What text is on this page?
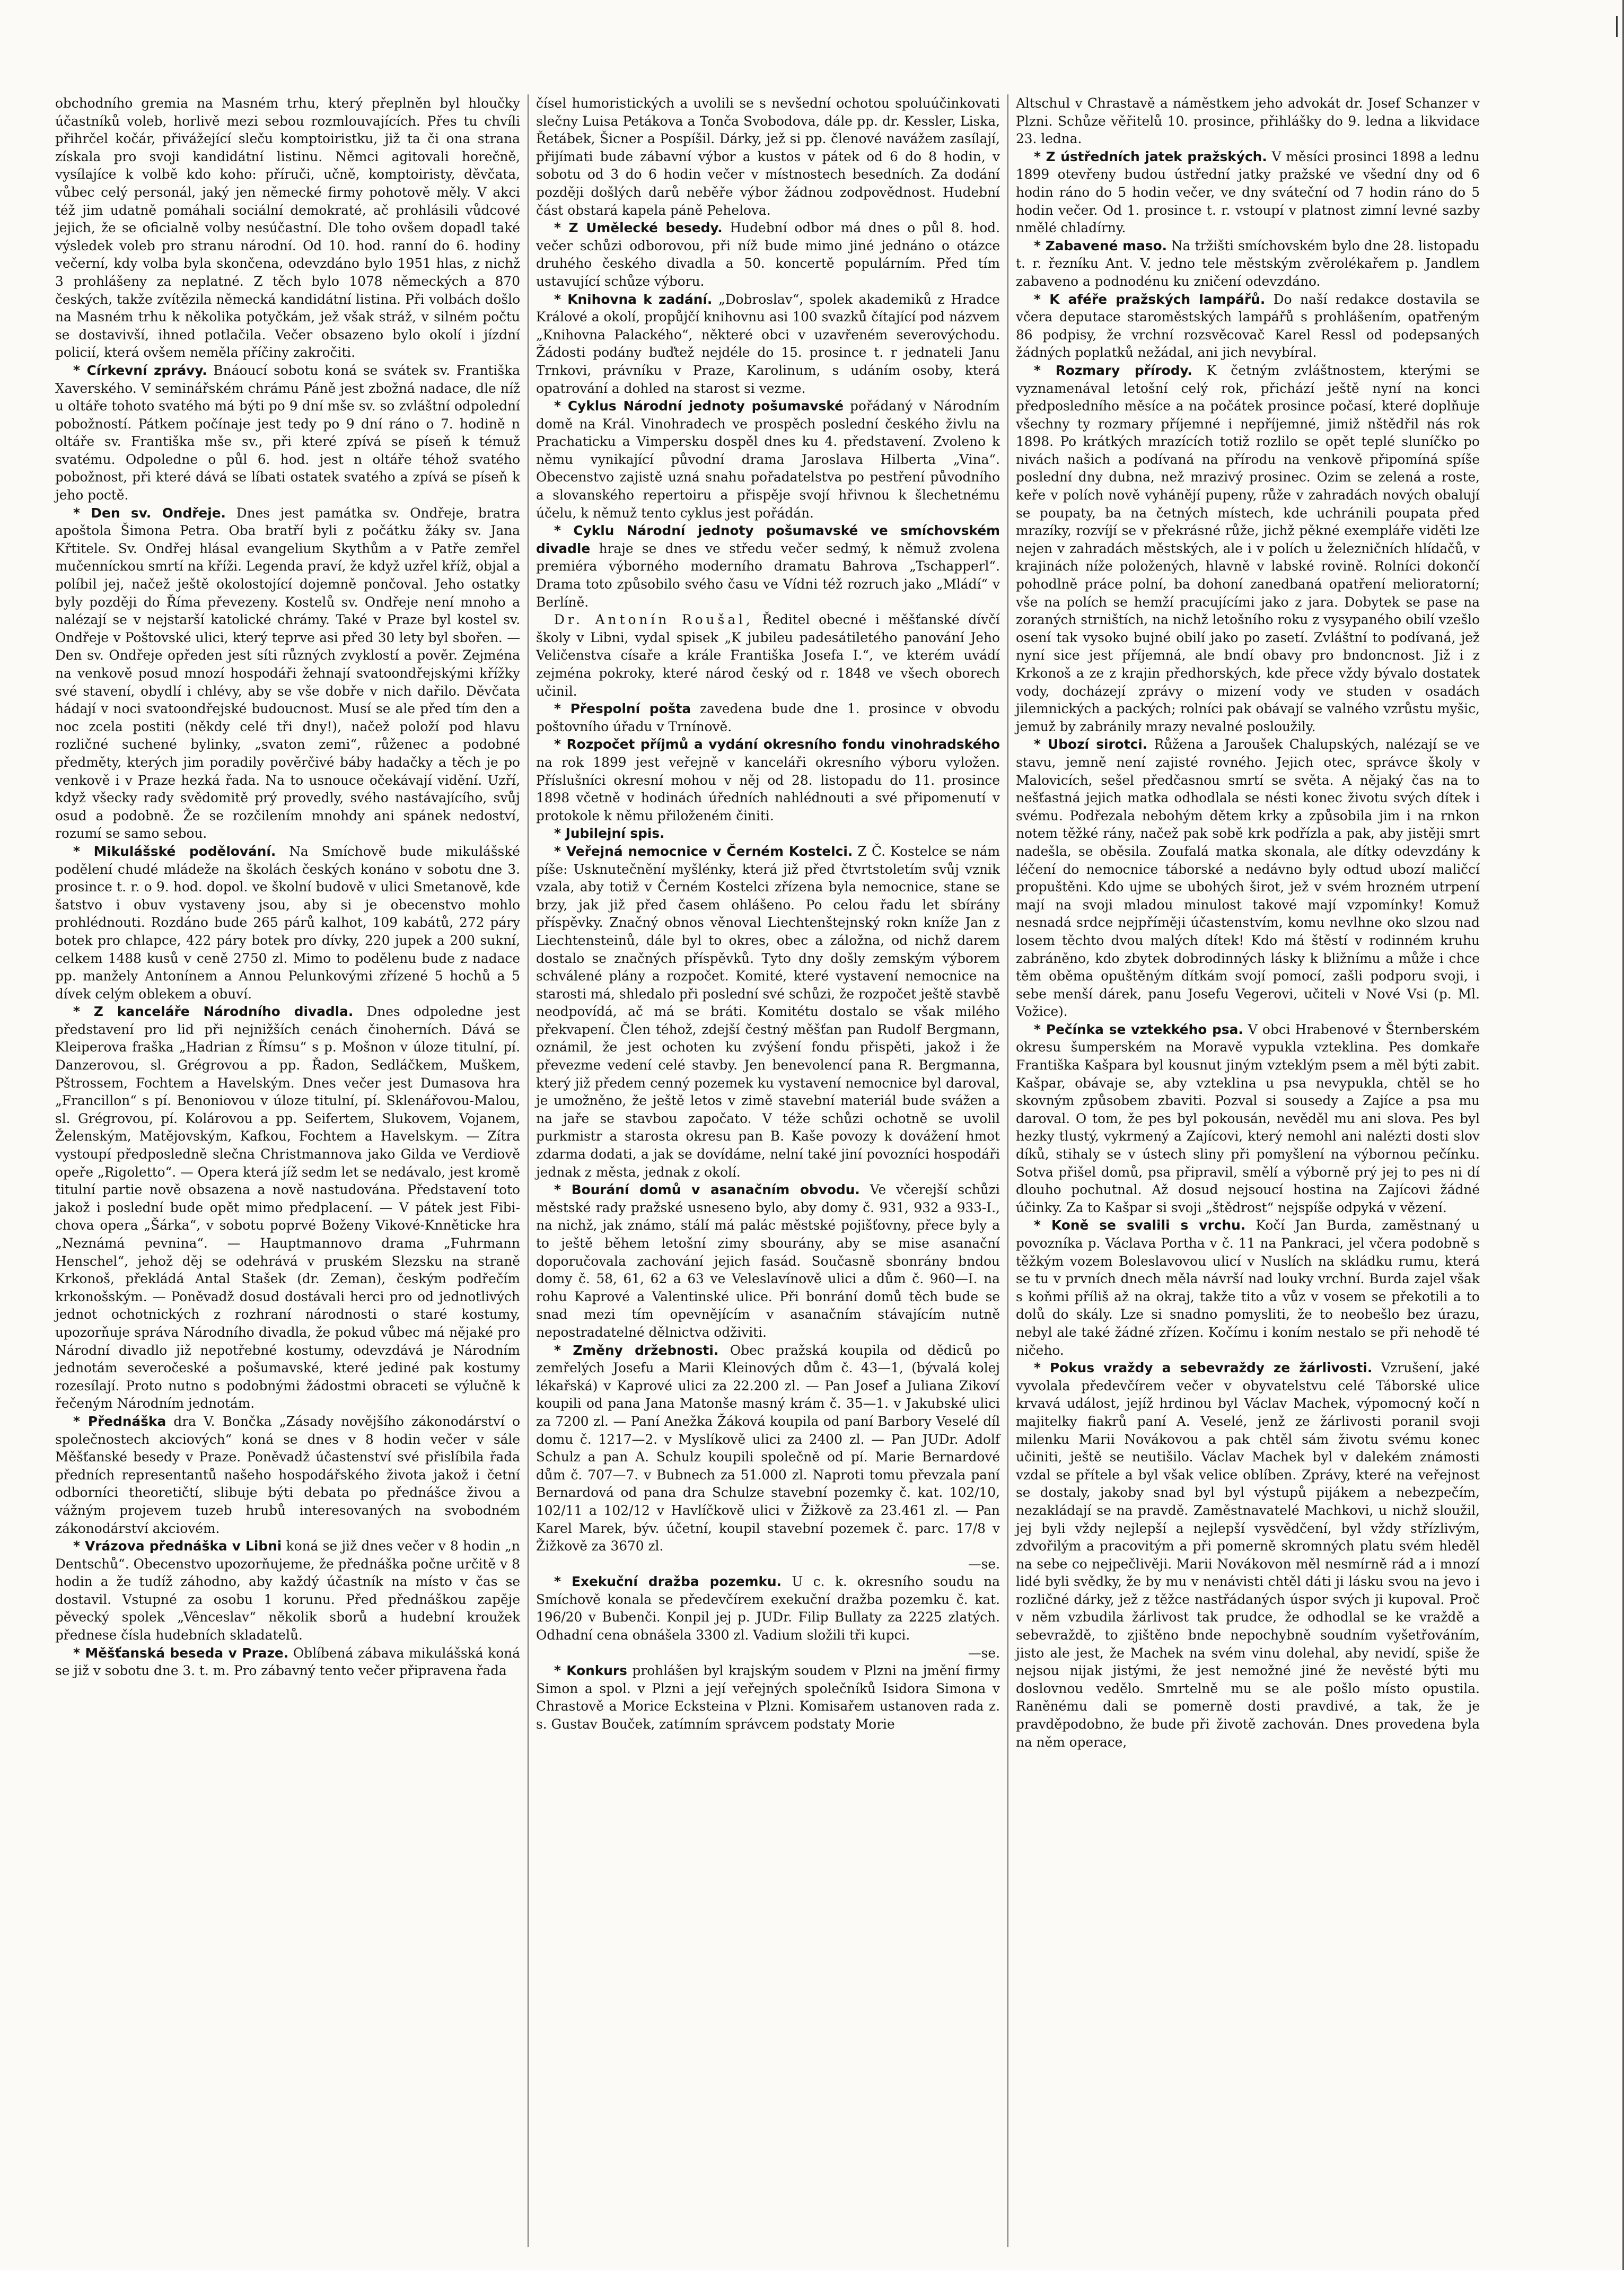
obchodního gremia na Masném trhu, který přeplněn byl hloučky účastníků voleb, horlivě mezi sebou rozmlouvajících. Přes tu chvíli přihrčel kočár, přivážející sleču komptoiristku, již ta či ona strana získala pro svoji kandidátní listinu. Němci agitovali horečně, vysílajíce k volbě kdo koho: příruči, učně, komptoiristy, děvčata, vůbec celý personál, jaký jen německé firmy pohotově měly. V akci též jim udatně pomáhali sociální demokraté, ač prohlásili vůdcové jejich, že se oficialně volby nesúčastní. Dle toho ovšem dopadl také výsledek voleb pro stranu národní. Od 10. hod. ranní do 6. hodiny večerní, kdy volba byla skončena, odevzdáno bylo 1951 hlas, z nichž 3 prohlášeny za neplatné. Z těch bylo 1078 německých a 870 českých, takže zvítězila německá kandidátní listina. Při volbách došlo na Masném trhu k několika potyčkám, jež však stráž, v silném počtu se dostavivší, ihned potlačila. Večer obsazeno bylo okolí i jízdní policií, která ovšem neměla příčiny zakročiti.

* Církevní zprávy. Bnáoucí sobotu koná se svátek sv. Františka Xaverského. V seminářském chrámu Páně jest zbožná nadace, dle níž u oltáře tohoto svatého má býti po 9 dní mše sv. so zvláštní odpolední pobožností. Pátkem počínaje jest tedy po 9 dní ráno o 7. hodině n oltáře sv. Františka mše sv., při které zpívá se píseň k témuž svatému. Odpoledne o půl 6. hod. jest n oltáře téhož svatého pobožnost, při které dává se líbati ostatek svatého a zpívá se píseň k jeho poctě.

* Den sv. Ondřeje. Dnes jest památka sv. Ondřeje, bratra apoštola Šimona Petra. Oba bratří byli z počátku žáky sv. Jana Křtitele. Sv. Ondřej hlásal evangelium Skythům a v Patře zemřel mučenníckou smrtí na kříži. Legenda praví, že když uzřel kříž, objal a políbil jej, načež ještě okolostojící dojemně pončoval. Jeho ostatky byly později do Říma převezeny. Kostelů sv. Ondřeje není mnoho a nalézají se v nejstarší katolické chrámy. Také v Praze byl kostel sv. Ondřeje v Poštovské ulici, který teprve asi před 30 lety byl sbořen. — Den sv. Ondřeje opředen jest síti různých zvyklostí a pověr. Zejména na venkově posud mnozí hospodáři žehnají svatoondřejskými křížky své stavení, obydlí i chlévy, aby se vše dobře v nich dařilo. Děvčata hádají v noci svatoondřejské budoucnost. Musí se ale před tím den a noc zcela postiti (někdy celé tři dny!), načež položí pod hlavu rozličné suchené bylinky, „svaton zemi“, růženec a podobné předměty, kterých jim poradily pověrčivé báby hadačky a těch je po venkově i v Praze hezká řada. Na to usnouce očekávají vidění. Uzří, když všecky rady svědomitě prý provedly, svého nastávajícího, svůj osud a podobně. Že se rozčilením mnohdy ani spánek nedoství, rozumí se samo sebou.

* Mikulášské podělování. Na Smíchově bude mikulášské podělení chudé mládeže na školách českých konáno v sobotu dne 3. prosince t. r. o 9. hod. dopol. ve školní budově v ulici Smetanově, kde šatstvo i obuv vystaveny jsou, aby si je obecenstvo mohlo prohlédnouti. Rozdáno bude 265 párů kalhot, 109 kabátů, 272 páry botek pro chlapce, 422 páry botek pro dívky, 220 jupek a 200 sukní, celkem 1488 kusů v ceně 2750 zl. Mimo to podělenu bude z nadace pp. manžely Antonínem a Annou Pelunkovými zřízené 5 hochů a 5 dívek celým oblekem a obuví.

* Z kanceláře Národního divadla. Dnes odpoledne jest představení pro lid při nejnižších cenách činoherních. Dává se Kleiperova fraška „Hadrian z Římsu“ s p. Mošnon v úloze titulní, pí. Danzerovou, sl. Grégrovou a pp. Řadon, Sedláčkem, Muškem, Pštrossem, Fochtem a Havelským. Dnes večer jest Dumasova hra „Francillon“ s pí. Benoniovou v úloze titulní, pí. Sklenářovou-Malou, sl. Grégrovou, pí. Kolárovou a pp. Seifertem, Slukovem, Vojanem, Želenským, Matějovským, Kafkou, Fochtem a Havelskym. — Zítra vystoupí předposledně slečna Christmannova jako Gilda ve Verdiově opeře „Rigoletto“. — Opera která jíž sedm let se nedávalo, jest kromě titulní partie nově obsazena a nově nastudována. Představení toto jakož i poslední bude opět mimo předplacení. — V pátek jest Fibi-chova opera „Šárka“, v sobotu poprvé Boženy Vikové-Knněticke hra „Neznámá pevnina“. — Hauptmannovo drama „Fuhrmann Henschel“, jehož děj se odehrává v pruském Slezsku na straně Krkonoš, překládá Antal Stašek (dr. Zeman), českým podřečím krkonošským. — Poněvadž dosud dostávali herci pro od jednotlivých jednot ochotnických z rozhraní národnosti o staré kostumy, upozorňuje správa Národního divadla, že pokud vůbec má nějaké pro Národní divadlo již nepotřebné kostumy, odevzdává je Národním jednotám severočeské a pošumavské, které jediné pak kostumy rozesílají. Proto nutno s podobnými žádostmi obraceti se výlučně k řečeným Národním jednotám.

* Přednáška dra V. Bončka „Zásady novějšího zákonodárství o společnostech akciových“ koná se dnes v 8 hodin večer v sále Měšťanské besedy v Praze. Poněvadž účastenství své přislíbila řada předních representantů našeho hospodářského života jakož i četní odborníci theoretičtí, slibuje býti debata po přednášce živou a vážným projevem tuzeb hrubů interesovaných na svobodném zákonodárství akciovém.

* Vrázova přednáška v Libni koná se již dnes večer v 8 hodin „n Dentschů“. Obecenstvo upozorňujeme, že přednáška počne určitě v 8 hodin a že tudíž záhodno, aby každý účastník na místo v čas se dostavil. Vstupné za osobu 1 korunu. Před přednáškou zapěje pěvecký spolek „Vênceslav“ několik sborů a hudební kroužek přednese čísla hudebních skladatelů.

* Měšťanská beseda v Praze. Oblíbená zábava mikulášská koná se již v sobotu dne 3. t. m. Pro zábavný tento večer připravena řada

čísel humoristických a uvolili se s nevšední ochotou spoluúčinkovati slečny Luisa Petákova a Tonča Svobodova, dále pp. dr. Kessler, Liska, Řetábek, Šicner a Pospíšil. Dárky, jež si pp. členové navážem zasílají, přijímati bude zábavní výbor a kustos v pátek od 6 do 8 hodin, v sobotu od 3 do 6 hodin večer v místnostech besedních. Za dodání později došlých darů neběře výbor žádnou zodpovědnost. Hudební část obstará kapela páně Pehelova.

* Z Umělecké besedy. Hudební odbor má dnes o půl 8. hod. večer schůzi odborovou, při níž bude mimo jiné jednáno o otázce druhého českého divadla a 50. koncertě populárním. Před tím ustavující schůze výboru.

* Knihovna k zadání. „Dobroslav“, spolek akademiků z Hradce Králové a okolí, propůjčí knihovnu asi 100 svazků čítající pod názvem „Knihovna Palackého“, některé obci v uzavřeném severovýchodu. Žádosti podány buďtež nejdéle do 15. prosince t. r jednateli Janu Trnkovi, právníku v Praze, Karolinum, s udáním osoby, která opatrování a dohled na starost si vezme.

* Cyklus Národní jednoty pošumavské pořádaný v Národním domě na Král. Vinohradech ve prospěch poslední českého živlu na Prachaticku a Vimpersku dospěl dnes ku 4. představení. Zvoleno k němu vynikající původní drama Jaroslava Hilberta „Vina“. Obecenstvo zajistě uzná snahu pořadatelstva po pestření původního a slovanského repertoiru a přispěje svojí hřivnou k šlechetnému účelu, k němuž tento cyklus jest pořádán.

* Cyklu Národní jednoty pošumavské ve smíchovském divadle hraje se dnes ve středu večer sedmý, k němuž zvolena premiéra výborného moderního dramatu Bahrova „Tschapperl“. Drama toto způsobilo svého času ve Vídni též rozruch jako „Mládí“ v Berlíně.

Dr. Antonín Roušal, Ředitel obecné i měšťanské dívčí školy v Libni, vydal spisek „K jubileu padesátiletého panování Jeho Veličenstva císaře a krále Františka Josefa I.“, ve kterém uvádí zejména pokroky, které národ český od r. 1848 ve všech oborech učinil.

* Přespolní pošta zavedena bude dne 1. prosince v obvodu poštovního úřadu v Trnínově.

* Rozpočet příjmů a vydání okresního fondu vinohradského na rok 1899 jest veřejně v kanceláři okresního výboru vyložen. Příslušníci okresní mohou v něj od 28. listopadu do 11. prosince 1898 včetně v hodinách úředních nahlédnouti a své připomenutí v protokole k němu přiloženém činiti.

* Jubilejní spis.

* Veřejná nemocnice v Černém Kostelci. Z Č. Kostelce se nám píše: Usknutečnění myšlénky, která již před čtvrtstoletím svůj vznik vzala, aby totiž v Černém Kostelci zřízena byla nemocnice, stane se brzy, jak již před časem ohlášeno. Po celou řadu let sbírány příspěvky. Značný obnos věnoval Liechtenštejnský rokn kníže Jan z Liechtensteinů, dále byl to okres, obec a záložna, od nichž darem dostalo se značných příspěvků. Tyto dny došly zemským výborem schválené plány a rozpočet. Komité, které vystavení nemocnice na starosti má, shledalo při poslední své schůzi, že rozpočet ještě stavbě neodpovídá, ač má se bráti. Komitétu dostalo se však milého překvapení. Člen téhož, zdejší čestný měšťan pan Rudolf Bergmann, oznámil, že jest ochoten ku zvýšení fondu přispěti, jakož i že převezme vedení celé stavby. Jen benevolencí pana R. Bergmanna, který již předem cenný pozemek ku vystavení nemocnice byl daroval, je umožněno, že ještě letos v zimě stavební materiál bude svážen a na jaře se stavbou započato. V téže schůzi ochotně se uvolil purkmistr a starosta okresu pan B. Kaše povozy k dovážení hmot zdarma dodati, a jak se dovídáme, nelní také jiní povozníci hospodáři jednak z města, jednak z okolí.

* Bourání domů v asanačním obvodu. Ve včerejší schůzi městské rady pražské usneseno bylo, aby domy č. 931, 932 a 933-I., na nichž, jak známo, stálí má palác městské pojišťovny, přece byly a to ještě během letošní zimy sbourány, aby se mise asanační doporučovala zachování jejich fasád. Současně sbonrány bndou domy č. 58, 61, 62 a 63 ve Veleslavínově ulici a dům č. 960—I. na rohu Kaprové a Valentinské ulice. Při bonrání domů těch bude se snad mezi tím opevnějícím v asanačním stávajícím nutně nepostradatelné dělnictva odživiti.

* Změny držebnosti. Obec pražská koupila od dědiců po zemřelých Josefu a Marii Kleinových dům č. 43—1, (bývalá kolej lékařská) v Kaprové ulici za 22.200 zl. — Pan Josef a Juliana Zikoví koupili od pana Jana Matonše masný krám č. 35—1. v Jakubské ulici za 7200 zl. — Paní Anežka Žáková koupila od paní Barbory Veselé díl domu č. 1217—2. v Myslíkově ulici za 2400 zl. — Pan JUDr. Adolf Schulz a pan A. Schulz koupili společně od pí. Marie Bernardové dům č. 707—7. v Bubnech za 51.000 zl. Naproti tomu převzala paní Bernardová od pana dra Schulze stavební pozemky č. kat. 102/10, 102/11 a 102/12 v Havlíčkově ulici v Žižkově za 23.461 zl. — Pan Karel Marek, býv. účetní, koupil stavební pozemek č. parc. 17/8 v Žižkově za 3670 zl.
—se.

* Exekuční dražba pozemku. U c. k. okresního soudu na Smíchově konala se předevčírem exekuční dražba pozemku č. kat. 196/20 v Bubenči. Konpil jej p. JUDr. Filip Bullaty za 2225 zlatých. Odhadní cena obnášela 3300 zl. Vadium složili tři kupci.
—se.

* Konkurs prohlášen byl krajským soudem v Plzni na jmění firmy Simon a spol. v Plzni a její veřejných společníků Isidora Simona v Chrastově a Morice Ecksteina v Plzni. Komisařem ustanoven rada z. s. Gustav Bouček, zatímním správcem podstaty Morie

Altschul v Chrastavě a náměstkem jeho advokát dr. Josef Schanzer v Plzni. Schůze věřitelů 10. prosince, přihlášky do 9. ledna a likvidace 23. ledna.

* Z ústředních jatek pražských. V měsíci prosinci 1898 a lednu 1899 otevřeny budou ústřední jatky pražské ve všední dny od 6 hodin ráno do 5 hodin večer, ve dny sváteční od 7 hodin ráno do 5 hodin večer. Od 1. prosince t. r. vstoupí v platnost zimní levné sazby nmělé chladírny.

* Zabavené maso. Na tržišti smíchovském bylo dne 28. listopadu t. r. řezníku Ant. V. jedno tele městským zvěrolékařem p. Jandlem zabaveno a podnodénu ku zničení odevzdáno.

* K aféře pražských lampářů. Do naší redakce dostavila se včera deputace staroměstských lampářů s prohlášením, opatřeným 86 podpisy, že vrchní rozsvěcovač Karel Ressl od podepsaných žádných poplatků nežádal, ani jich nevybíral.

* Rozmary přírody. K četným zvláštnostem, kterými se vyznamenával letošní celý rok, přichází ještě nyní na konci předposledního měsíce a na počátek prosince počasí, které doplňuje všechny ty rozmary příjemné i nepříjemné, jimiž nštědřil nás rok 1898. Po krátkých mrazících totiž rozlilo se opět teplé sluníčko po nivách našich a podívaná na přírodu na venkově připomíná spíše poslední dny dubna, než mrazivý prosinec. Ozim se zelená a roste, keře v polích nově vyhánějí pupeny, růže v zahradách nových obalují se poupaty, ba na četných místech, kde uchránili poupata před mrazíky, rozvíjí se v překrásné růže, jichž pěkné exempláře viděti lze nejen v zahradách městských, ale i v polích u železničních hlídačů, v krajinách níže položených, hlavně v labské rovině. Rolníci dokončí pohodlně práce polní, ba dohoní zanedbaná opatření melioratorní; vše na polích se hemží pracujícími jako z jara. Dobytek se pase na zoraných strništích, na nichž letošního roku z vysypaného obilí vzešlo osení tak vysoko bujné obilí jako po zasetí. Zvláštní to podívaná, jež nyní sice jest příjemná, ale bndí obavy pro bndoncnost. Již i z Krkonoš a ze z krajin předhorských, kde přece vždy bývalo dostatek vody, docházejí zprávy o mizení vody ve studen v osadách jilemnických a packých; rolníci pak obávají se valného vzrůstu myšic, jemuž by zabránily mrazy nevalné posloužily.

* Ubozí sirotci. Růžena a Jaroušek Chalupských, nalézají se ve stavu, jemně není zajisté rovného. Jejich otec, správce školy v Malovicích, sešel předčasnou smrtí se světa. A nějaký čas na to nešťastná jejich matka odhodlala se nésti konec životu svých dítek i svému. Podřezala nebohým dětem krky a způsobila jim i na rnkon notem těžké rány, načež pak sobě krk podřízla a pak, aby jistěji smrt nadešla, se oběsila. Zoufalá matka skonala, ale dítky odevzdány k léčení do nemocnice táborské a nedávno byly odtud ubozí maličcí propuštěni. Kdo ujme se ubohých širot, jež v svém hrozném utrpení mají na svoji mladou minulost takové mají vzpomínky! Komuž nesnadá srdce nejpříměji účastenstvím, komu nevlhne oko slzou nad losem těchto dvou malých dítek! Kdo má štěstí v rodinném kruhu zabráněno, kdo zbytek dobrodinných lásky k bližnímu a může i chce těm oběma opuštěným dítkám svojí pomocí, zašli podporu svoji, i sebe menší dárek, panu Josefu Vegerovi, učiteli v Nové Vsi (p. Ml. Vožice).

* Pečínka se vztekkého psa. V obci Hrabenové v Šternberském okresu šumperském na Moravě vypukla vzteklina. Pes domkaře Františka Kašpara byl kousnut jiným vzteklým psem a měl býti zabit. Kašpar, obávaje se, aby vzteklina u psa nevypukla, chtěl se ho skovným způsobem zbaviti. Pozval si sousedy a Zajíce a psa mu daroval. O tom, že pes byl pokousán, nevěděl mu ani slova. Pes byl hezky tlustý, vykrmený a Zajícovi, který nemohl ani nalézti dosti slov díků, stihaly se v ústech sliny při pomyšlení na výbornou pečínku. Sotva přišel domů, psa připravil, smělí a výborně prý jej to pes ni dí dlouho pochutnal. Až dosud nejsoucí hostina na Zajícovi žádné účinky. Za to Kašpar si svoji „štědrost“ nejspíše odpyká v vězení.

* Koně se svalili s vrchu. Kočí Jan Burda, zaměstnaný u povozníka p. Václava Portha v č. 11 na Pankraci, jel včera podobně s těžkým vozem Boleslavovou ulicí v Nuslích na skládku rumu, která se tu v prvních dnech měla návrší nad louky vrchní. Burda zajel však s koňmi příliš až na okraj, takže tito a vůz v vosem se překotili a to dolů do skály. Lze si snadno pomysliti, že to neobešlo bez úrazu, nebyl ale také žádné zřízen. Kočímu i koním nestalo se při nehodě té ničeho.

* Pokus vraždy a sebevraždy ze žárlivosti. Vzrušení, jaké vyvolala předevčírem večer v obyvatelstvu celé Táborské ulice krvavá událost, jejíž hrdinou byl Václav Machek, výpomocný kočí n majitelky fiakrů paní A. Veselé, jenž ze žárlivosti poranil svoji milenku Marii Novákovou a pak chtěl sám životu svému konec učiniti, ještě se neutišilo. Václav Machek byl v dalekém známosti vzdal se přítele a byl však velice oblíben. Zprávy, které na veřejnost se dostaly, jakoby snad byl byl výstupů pijákem a nebezpečím, nezakládají se na pravdě. Zaměstnavatelé Machkovi, u nichž sloužil, jej byli vždy nejlepší a nejlepší vysvědčení, byl vždy střízlivým, zdvořilým a pracovitým a při pomerně skromných platu svém hleděl na sebe co nejpečlivěji. Marii Novákovon měl nesmírně rád a i mnozí lidé byli svědky, že by mu v nenávisti chtěl dáti ji lásku svou na jevo i rozličné dárky, jež z těžce nastřádaných úspor svých ji kupoval. Proč v něm vzbudila žárlivost tak prudce, že odhodlal se ke vraždě a sebevraždě, to zjištěno bnde nepochybně soudním vyšetřováním, jisto ale jest, že Machek na svém vinu dolehal, aby nevidí, spiše že nejsou nijak jistými, že jest nemožné jiné že nevěsté býti mu doslovnou vedělo. Smrtelně mu se ale pošlo místo opustila. Raněnému dali se pomerně dosti pravdivé, a tak, že je pravděpodobno, že bude při životě zachován. Dnes provedena byla na něm operace,
